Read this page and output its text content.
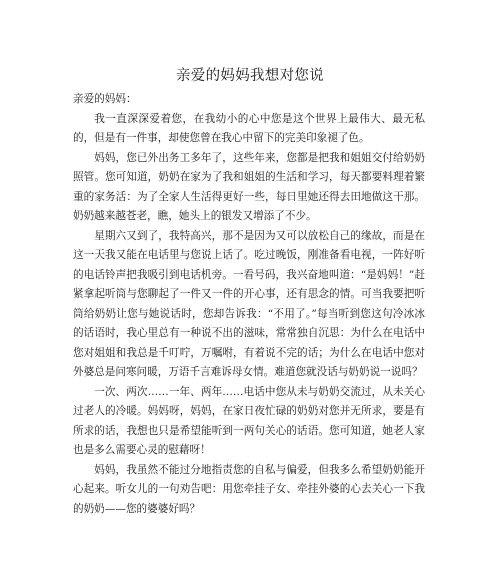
亲爱的妈妈我想对您说

亲爱的妈妈：

我一直深深爱着您，在我幼小的心中您是这个世界上最伟大、最无私的，但是有一件事，却使您曾在我心中留下的完美印象褪了色。

妈妈，您已外出务工多年了，这些年来，您都是把我和姐姐交付给奶奶照管。您可知道，奶奶在家为了我和姐姐的生活和学习，每天都要料理着繁重的家务活：为了全家人生活得更好一些，每日里她还得去田地做这干那。奶奶越来越苍老，瞧，她头上的银发又增添了不少。

星期六又到了，我特高兴，那不是因为又可以放松自己的缘故，而是在这一天我又能在电话里与您说上话了。吃过晚饭，刚准备看电视，一阵好听的电话铃声把我吸引到电话机旁。一看号码，我兴奋地叫道：“是妈妈！”赶紧拿起听筒与您聊起了一件又一件的开心事，还有思念的情。可当我要把听筒给奶奶让您与她说话时，您却告诉我：“不用了。”每当听到您这句冷冰冰的话语时，我心里总有一种说不出的滋味，常常独自沉思：为什么在电话中您对姐姐和我总是千叮咛，万嘱咐，有着说不完的话；为什么在电话中您对外婆总是问寒问暖，万语千言难诉母女情。难道您就没话与奶奶说一说吗？

一次、两次……一年、两年……电话中您从未与奶奶交流过，从未关心过老人的冷暖。妈妈呀，妈妈，在家日夜忙碌的奶奶对您并无所求，要是有所求的话，我想也只是希望能听到一两句关心的话语。您可知道，她老人家也是多么需要心灵的慰藉呀！

妈妈，我虽然不能过分地指责您的自私与偏爱，但我多么希望奶奶能开心起来。听女儿的一句劝告吧：用您牵挂子女、牵挂外婆的心去关心一下我的奶奶——您的婆婆好吗？
